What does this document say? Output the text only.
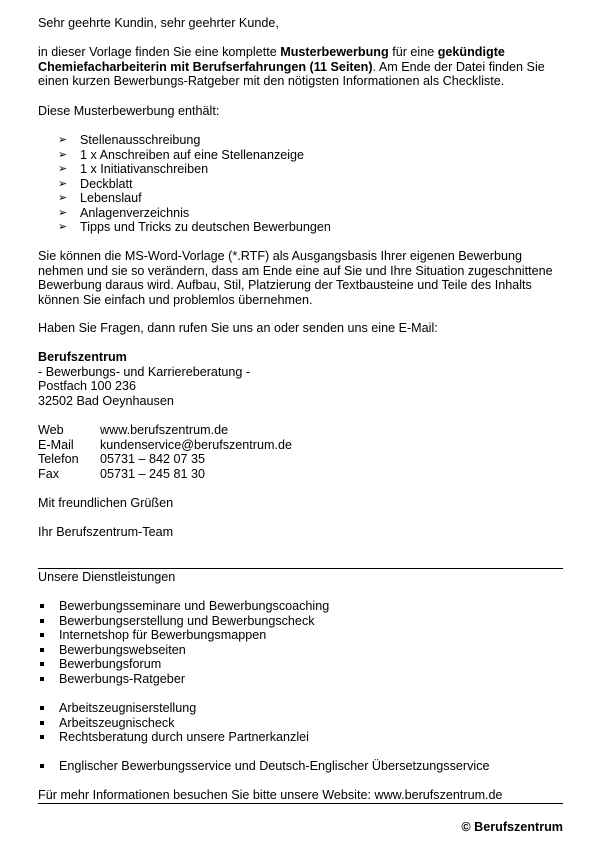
Sehr geehrte Kundin, sehr geehrter Kunde,

in dieser Vorlage finden Sie eine komplette Musterbewerbung für eine gekündigte Chemiefacharbeiterin mit Berufserfahrungen (11 Seiten). Am Ende der Datei finden Sie einen kurzen Bewerbungs-Ratgeber mit den nötigsten Informationen als Checkliste.

Diese Musterbewerbung enthält:

➢ Stellenausschreibung
➢ 1 x Anschreiben auf eine Stellenanzeige
➢ 1 x Initiativanschreiben
➢ Deckblatt
➢ Lebenslauf
➢ Anlagenverzeichnis
➢ Tipps und Tricks zu deutschen Bewerbungen

Sie können die MS-Word-Vorlage (*.RTF) als Ausgangsbasis Ihrer eigenen Bewerbung nehmen und sie so verändern, dass am Ende eine auf Sie und Ihre Situation zugeschnittene Bewerbung daraus wird. Aufbau, Stil, Platzierung der Textbausteine und Teile des Inhalts können Sie einfach und problemlos übernehmen.

Haben Sie Fragen, dann rufen Sie uns an oder senden uns eine E-Mail:

Berufszentrum
- Bewerbungs- und Karriereberatung -
Postfach 100 236
32502 Bad Oeynhausen
Web	www.berufszentrum.de
E-Mail kundenservice@berufszentrum.de
Telefon 05731 – 842 07 35
Fax	05731 – 245 81 30

Mit freundlichen Grüßen

Ihr Berufszentrum-Team

Unsere Dienstleistungen

Bewerbungsseminare und Bewerbungscoaching
Bewerbungserstellung und Bewerbungscheck
Internetshop für Bewerbungsmappen
Bewerbungswebseiten
Bewerbungsforum
Bewerbungs-Ratgeber
Arbeitszeugniserstellung
Arbeitszeugnischeck
Rechtsberatung durch unsere Partnerkanzlei
Englischer Bewerbungsservice und Deutsch-Englischer Übersetzungsservice

Für mehr Informationen besuchen Sie bitte unsere Website: www.berufszentrum.de

© Berufszentrum
